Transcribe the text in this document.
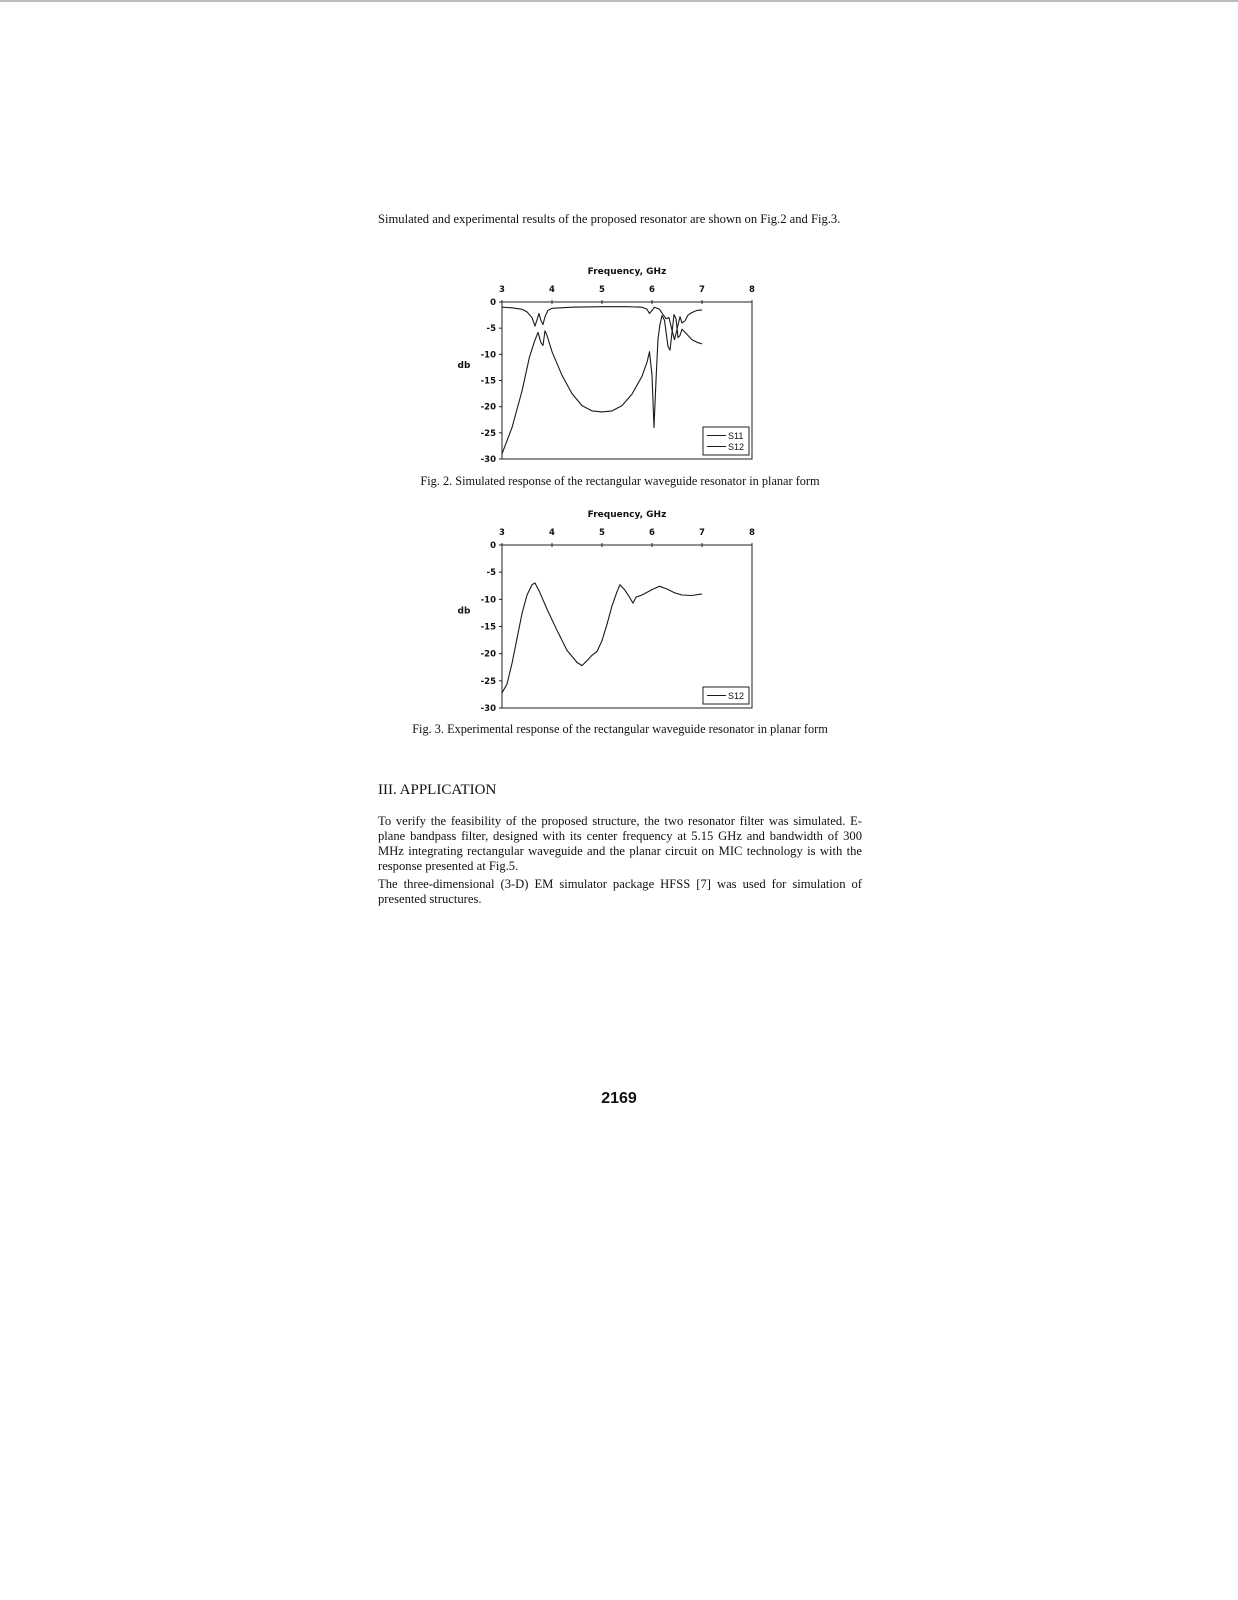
Simulated and experimental results of the proposed resonator are shown on Fig.2 and Fig.3.

Frequency, GHz
db
3	4	5	6	7	8
0
-5
-10
-15
-20
-25
-30
S11
S12

Fig. 2. Simulated response of the rectangular waveguide resonator in planar form

Frequency, GHz
db
3	4	5	6	7	8
0
-5
-10
-15
-20
-25
-30
S12

Fig. 3. Experimental response of the rectangular waveguide resonator in planar form

III. APPLICATION

To verify the feasibility of the proposed structure, the two resonator filter was simulated. E-plane bandpass filter, designed with its center frequency at 5.15 GHz and bandwidth of 300 MHz integrating rectangular waveguide and the planar circuit on MIC technology is with the response presented at Fig.5.

The three-dimensional (3-D) EM simulator package HFSS [7] was used for simulation of presented structures.

2169
